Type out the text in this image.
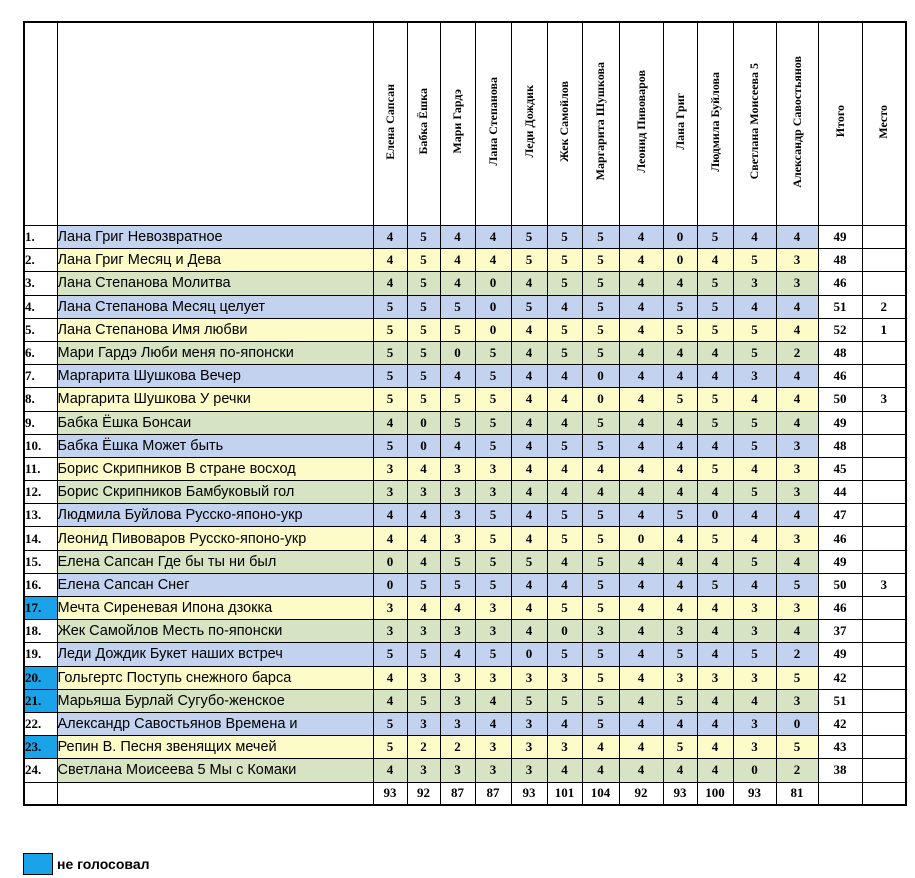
		Елена Сапсан	Бабка Ёшка	Мари Гардэ	Лана Степанова	Леди Дождик	Жек Самойлов	Маргарита Шушкова	Леонид Пивоваров	Лана Григ	Людмила Буйлова	Светлана Моисеева 5	Александр Савостьянов	Итого	Место
1.	Лана Григ Невозвратное	4	5	4	4	5	5	5	4	0	5	4	4	49	
2.	Лана Григ Месяц и Дева	4	5	4	4	5	5	5	4	0	4	5	3	48	
3.	Лана Степанова Молитва	4	5	4	0	4	5	5	4	4	5	3	3	46	
4.	Лана Степанова Месяц целует	5	5	5	0	5	4	5	4	5	5	4	4	51	2
5.	Лана Степанова Имя любви	5	5	5	0	4	5	5	4	5	5	5	4	52	1
6.	Мари Гардэ Люби меня по-японски	5	5	0	5	4	5	5	4	4	4	5	2	48	
7.	Маргарита Шушкова Вечер	5	5	4	5	4	4	0	4	4	4	3	4	46	
8.	Маргарита Шушкова У речки	5	5	5	5	4	4	0	4	5	5	4	4	50	3
9.	Бабка Ёшка Бонсаи	4	0	5	5	4	4	5	4	4	5	5	4	49	
10.	Бабка Ёшка Может быть	5	0	4	5	4	5	5	4	4	4	5	3	48	
11.	Борис Скрипников В стране восход	3	4	3	3	4	4	4	4	4	5	4	3	45	
12.	Борис Скрипников Бамбуковый гол	3	3	3	3	4	4	4	4	4	4	5	3	44	
13.	Людмила Буйлова Русско-японо-укр	4	4	3	5	4	5	5	4	5	0	4	4	47	
14.	Леонид Пивоваров Русско-японо-укр	4	4	3	5	4	5	5	0	4	5	4	3	46	
15.	Елена Сапсан Где бы ты ни был	0	4	5	5	5	4	5	4	4	4	5	4	49	
16.	Елена Сапсан Снег	0	5	5	5	4	4	5	4	4	5	4	5	50	3
17.	Мечта Сиреневая Ипона дзокка	3	4	4	3	4	5	5	4	4	4	3	3	46	
18.	Жек Самойлов Месть по-японски	3	3	3	3	4	0	3	4	3	4	3	4	37	
19.	Леди Дождик Букет наших встреч	5	5	4	5	0	5	5	4	5	4	5	2	49	
20.	Гольгертс Поступь снежного барса	4	3	3	3	3	3	5	4	3	3	3	5	42	
21.	Марьяша Бурлай Сугубо-женское	4	5	3	4	5	5	5	4	5	4	4	3	51	
22.	Александр Савостьянов Времена и	5	3	3	4	3	4	5	4	4	4	3	0	42	
23.	Репин В. Песня звенящих мечей	5	2	2	3	3	3	4	4	5	4	3	5	43	
24.	Светлана Моисеева 5 Мы с Комаки	4	3	3	3	3	4	4	4	4	4	0	2	38	
		93	92	87	87	93	101	104	92	93	100	93	81		
не голосовал
